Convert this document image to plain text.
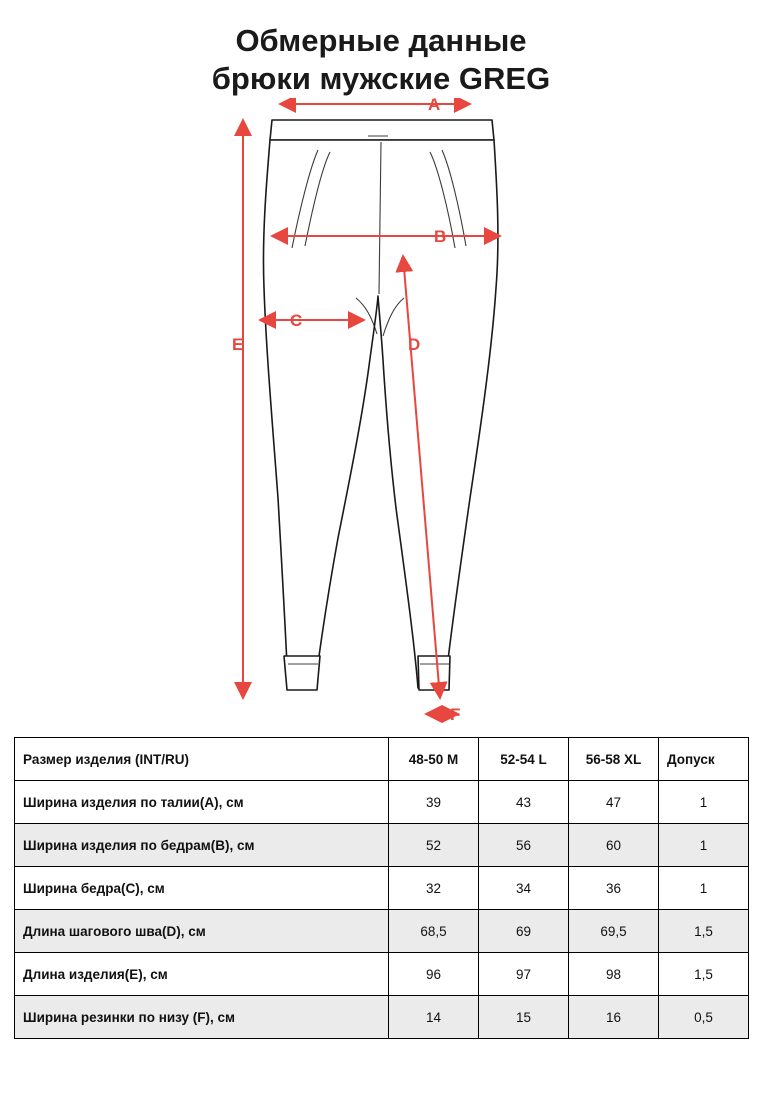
Обмерные данные
брюки мужские GREG
A
B
C
D
E
F
Размер изделия (INT/RU)	48-50 M	52-54 L	56-58 XL	Допуск
Ширина изделия по талии(A), см	39	43	47	1
Ширина изделия по бедрам(B), см	52	56	60	1
Ширина бедра(C), см	32	34	36	1
Длина шагового шва(D), см	68,5	69	69,5	1,5
Длина изделия(E), см	96	97	98	1,5
Ширина резинки по низу (F), см	14	15	16	0,5
